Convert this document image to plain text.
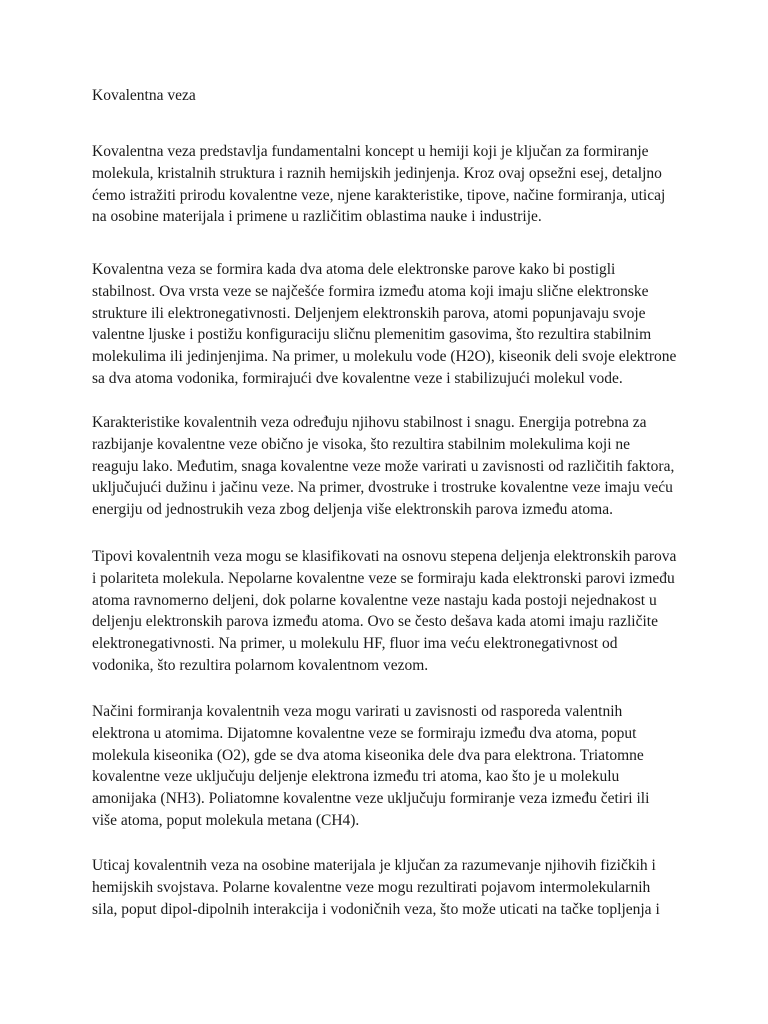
Kovalentna veza

Kovalentna veza predstavlja fundamentalni koncept u hemiji koji je ključan za formiranje
molekula, kristalnih struktura i raznih hemijskih jedinjenja. Kroz ovaj opsežni esej, detaljno
ćemo istražiti prirodu kovalentne veze, njene karakteristike, tipove, načine formiranja, uticaj
na osobine materijala i primene u različitim oblastima nauke i industrije.

Kovalentna veza se formira kada dva atoma dele elektronske parove kako bi postigli
stabilnost. Ova vrsta veze se najčešće formira između atoma koji imaju slične elektronske
strukture ili elektronegativnosti. Deljenjem elektronskih parova, atomi popunjavaju svoje
valentne ljuske i postižu konfiguraciju sličnu plemenitim gasovima, što rezultira stabilnim
molekulima ili jedinjenjima. Na primer, u molekulu vode (H2O), kiseonik deli svoje elektrone
sa dva atoma vodonika, formirajući dve kovalentne veze i stabilizujući molekul vode.

Karakteristike kovalentnih veza određuju njihovu stabilnost i snagu. Energija potrebna za
razbijanje kovalentne veze obično je visoka, što rezultira stabilnim molekulima koji ne
reaguju lako. Međutim, snaga kovalentne veze može varirati u zavisnosti od različitih faktora,
uključujući dužinu i jačinu veze. Na primer, dvostruke i trostruke kovalentne veze imaju veću
energiju od jednostrukih veza zbog deljenja više elektronskih parova između atoma.

Tipovi kovalentnih veza mogu se klasifikovati na osnovu stepena deljenja elektronskih parova
i polariteta molekula. Nepolarne kovalentne veze se formiraju kada elektronski parovi između
atoma ravnomerno deljeni, dok polarne kovalentne veze nastaju kada postoji nejednakost u
deljenju elektronskih parova između atoma. Ovo se često dešava kada atomi imaju različite
elektronegativnosti. Na primer, u molekulu HF, fluor ima veću elektronegativnost od
vodonika, što rezultira polarnom kovalentnom vezom.

Načini formiranja kovalentnih veza mogu varirati u zavisnosti od rasporeda valentnih
elektrona u atomima. Dijatomne kovalentne veze se formiraju između dva atoma, poput
molekula kiseonika (O2), gde se dva atoma kiseonika dele dva para elektrona. Triatomne
kovalentne veze uključuju deljenje elektrona između tri atoma, kao što je u molekulu
amonijaka (NH3). Poliatomne kovalentne veze uključuju formiranje veza između četiri ili
više atoma, poput molekula metana (CH4).

Uticaj kovalentnih veza na osobine materijala je ključan za razumevanje njihovih fizičkih i
hemijskih svojstava. Polarne kovalentne veze mogu rezultirati pojavom intermolekularnih
sila, poput dipol-dipolnih interakcija i vodoničnih veza, što može uticati na tačke topljenja i
